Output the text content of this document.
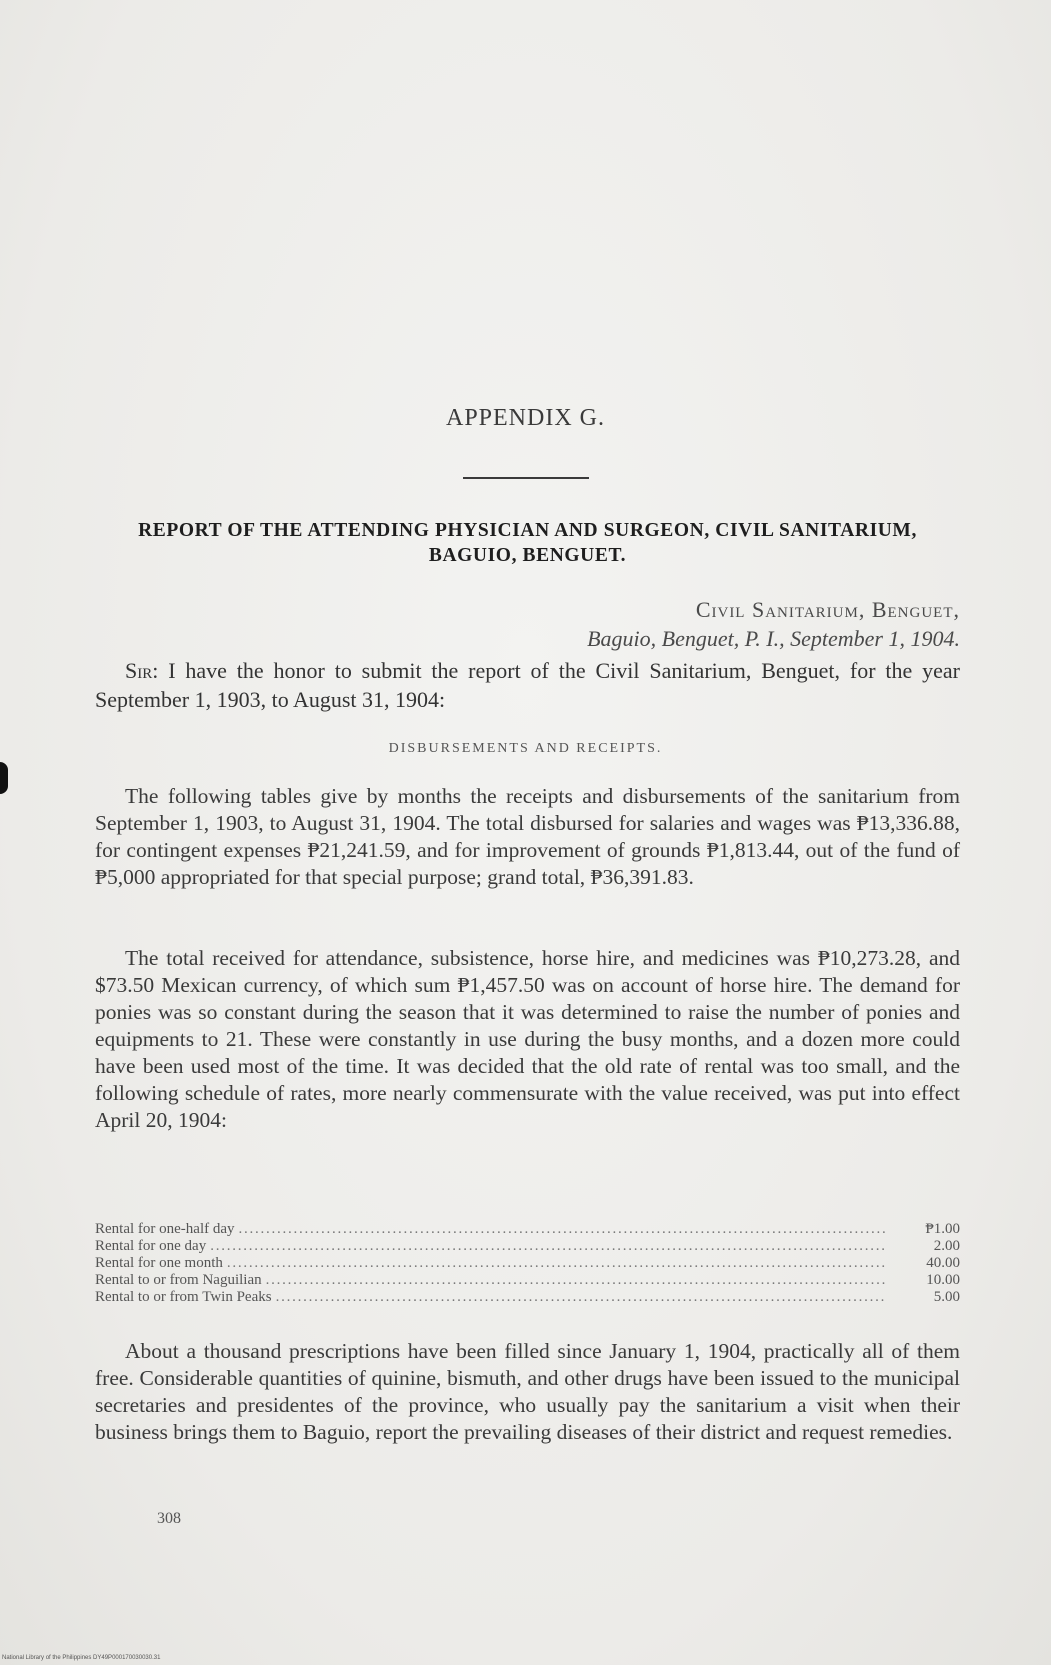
APPENDIX G.
REPORT OF THE ATTENDING PHYSICIAN AND SURGEON, CIVIL SANITARIUM, BAGUIO, BENGUET.
Civil Sanitarium, Benguet,
Baguio, Benguet, P. I., September 1, 1904.
Sir: I have the honor to submit the report of the Civil Sanitarium, Benguet, for the year September 1, 1903, to August 31, 1904:
DISBURSEMENTS AND RECEIPTS.

The following tables give by months the receipts and disbursements of the sanitarium from September 1, 1903, to August 31, 1904. The total disbursed for salaries and wages was ₱13,336.88, for contingent expenses ₱21,241.59, and for improvement of grounds ₱1,813.44, out of the fund of ₱5,000 appropriated for that special purpose; grand total, ₱36,391.83.

The total received for attendance, subsistence, horse hire, and medicines was ₱10,273.28, and $73.50 Mexican currency, of which sum ₱1,457.50 was on account of horse hire. The demand for ponies was so constant during the season that it was determined to raise the number of ponies and equipments to 21. These were constantly in use during the busy months, and a dozen more could have been used most of the time. It was decided that the old rate of rental was too small, and the following schedule of rates, more nearly commensurate with the value received, was put into effect April 20, 1904:

Rental for one-half day . . .	₱1.00
Rental for one day . . .	2.00
Rental for one month . . .	40.00
Rental to or from Naguilian . . .	10.00
Rental to or from Twin Peaks . . .	5.00

About a thousand prescriptions have been filled since January 1, 1904, practically all of them free. Considerable quantities of quinine, bismuth, and other drugs have been issued to the municipal secretaries and presidentes of the province, who usually pay the sanitarium a visit when their business brings them to Baguio, report the prevailing diseases of their district and request remedies.

308
National Library of the Philippines DY49P000170030030.31
